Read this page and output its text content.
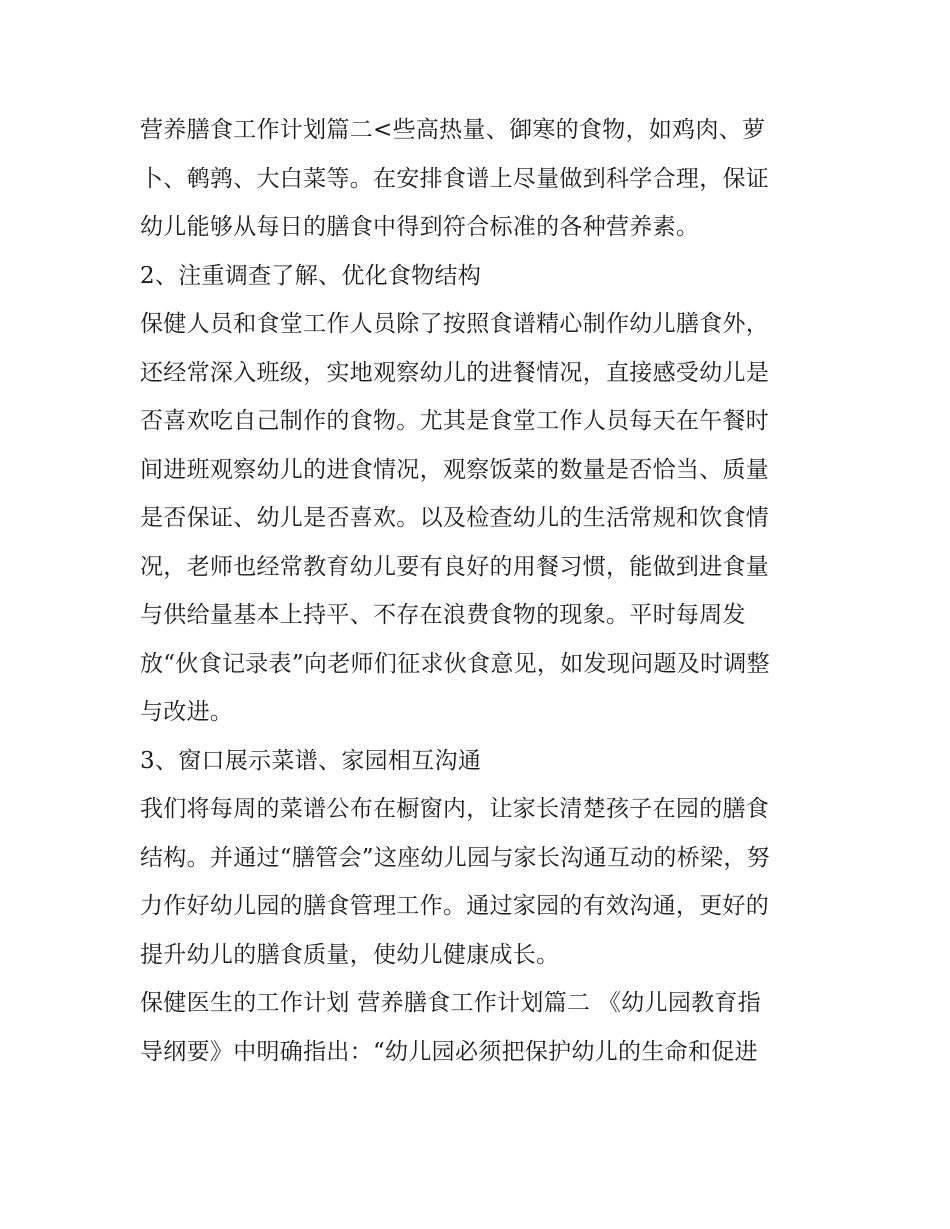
营养膳食工作计划篇二<些高热量、御寒的食物，如鸡肉、萝
卜、鹌鹑、大白菜等。在安排食谱上尽量做到科学合理，保证
幼儿能够从每日的膳食中得到符合标准的各种营养素。
2、注重调查了解、优化食物结构
保健人员和食堂工作人员除了按照食谱精心制作幼儿膳食外，
还经常深入班级，实地观察幼儿的进餐情况，直接感受幼儿是
否喜欢吃自己制作的食物。尤其是食堂工作人员每天在午餐时
间进班观察幼儿的进食情况，观察饭菜的数量是否恰当、质量
是否保证、幼儿是否喜欢。以及检查幼儿的生活常规和饮食情
况，老师也经常教育幼儿要有良好的用餐习惯，能做到进食量
与供给量基本上持平、不存在浪费食物的现象。平时每周发
放“伙食记录表”向老师们征求伙食意见，如发现问题及时调整
与改进。
3、窗口展示菜谱、家园相互沟通
我们将每周的菜谱公布在橱窗内，让家长清楚孩子在园的膳食
结构。并通过“膳管会”这座幼儿园与家长沟通互动的桥梁，努
力作好幼儿园的膳食管理工作。通过家园的有效沟通，更好的
提升幼儿的膳食质量，使幼儿健康成长。
保健医生的工作计划 营养膳食工作计划篇二 《幼儿园教育指
导纲要》中明确指出：“幼儿园必须把保护幼儿的生命和促进
